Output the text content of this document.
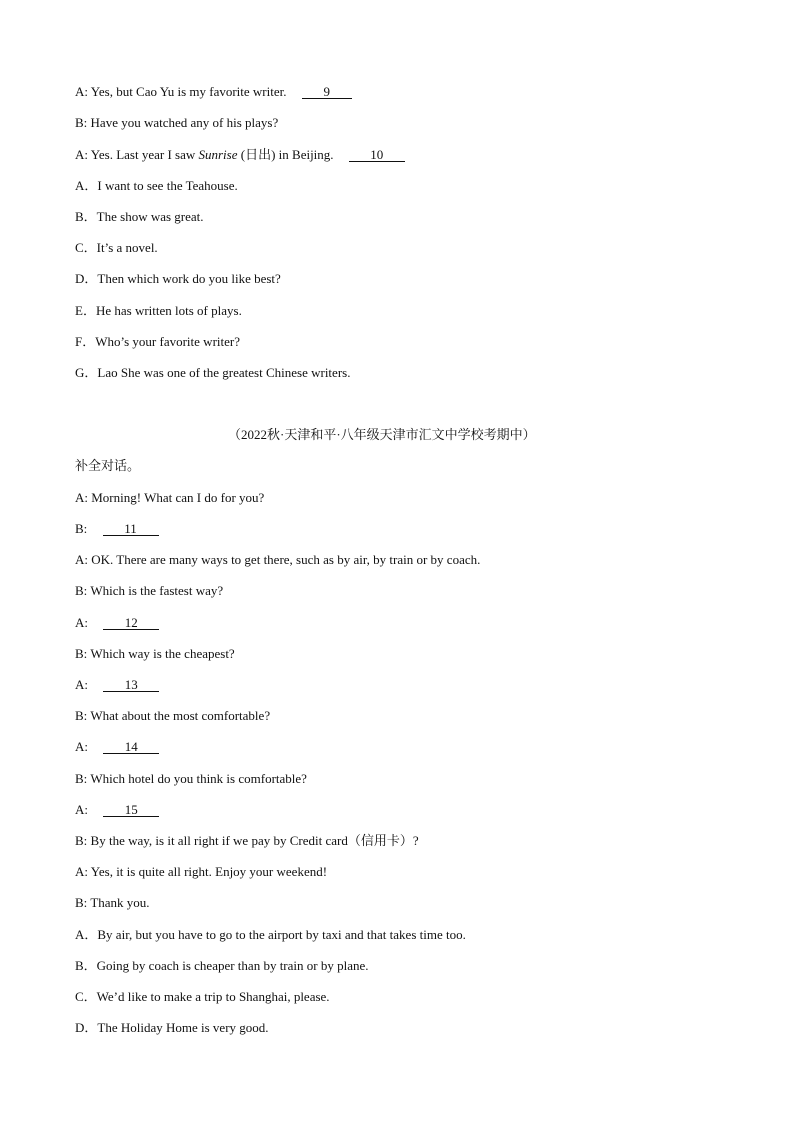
A: Yes, but Cao Yu is my favorite writer.	9
B: Have you watched any of his plays?
A: Yes. Last year I saw Sunrise (日出) in Beijing.	10
A．I want to see the Teahouse.
B．The show was great.
C．It’s a novel.
D．Then which work do you like best?
E．He has written lots of plays.
F．Who’s your favorite writer?
G．Lao She was one of the greatest Chinese writers.
（2022秋·天津和平·八年级天津市汇文中学校考期中）
补全对话。
A: Morning! What can I do for you?
B:	11
A: OK. There are many ways to get there, such as by air, by train or by coach.
B: Which is the fastest way?
A:	12
B: Which way is the cheapest?
A:	13
B: What about the most comfortable?
A:	14
B: Which hotel do you think is comfortable?
A:	15
B: By the way, is it all right if we pay by Credit card（信用卡）?
A: Yes, it is quite all right. Enjoy your weekend!
B: Thank you.
A．By air, but you have to go to the airport by taxi and that takes time too.
B．Going by coach is cheaper than by train or by plane.
C．We’d like to make a trip to Shanghai, please.
D．The Holiday Home is very good.
